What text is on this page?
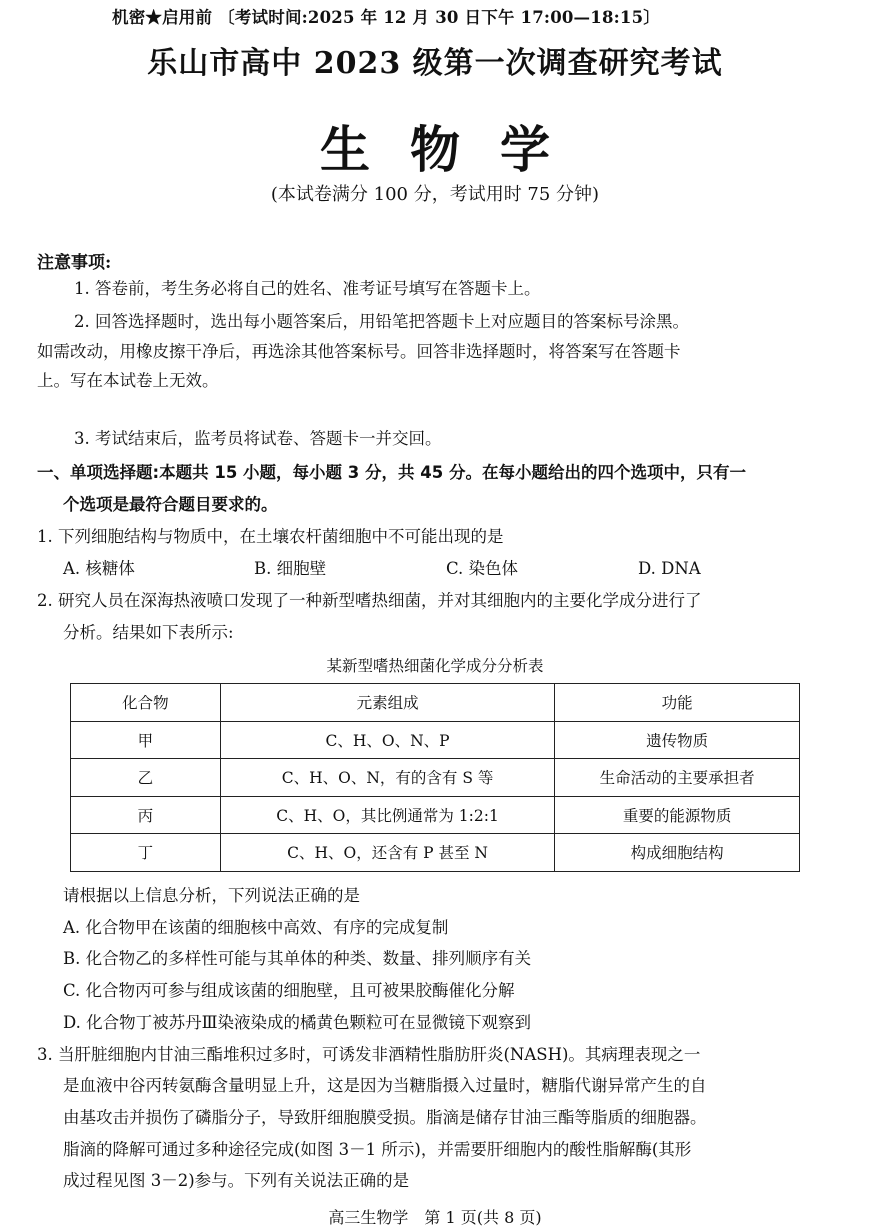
机密★启用前 〔考试时间:2025 年 12 月 30 日下午 17:00—18:15〕
乐山市高中 2023 级第一次调查研究考试
生物学
(本试卷满分 100 分，考试用时 75 分钟)
注意事项:
1. 答卷前，考生务必将自己的姓名、准考证号填写在答题卡上。
2. 回答选择题时，选出每小题答案后，用铅笔把答题卡上对应题目的答案标号涂黑。
如需改动，用橡皮擦干净后，再选涂其他答案标号。回答非选择题时，将答案写在答题卡
上。写在本试卷上无效。
3. 考试结束后，监考员将试卷、答题卡一并交回。
一、单项选择题:本题共 15 小题，每小题 3 分，共 45 分。在每小题给出的四个选项中，只有一
个选项是最符合题目要求的。
1. 下列细胞结构与物质中，在土壤农杆菌细胞中不可能出现的是
A. 核糖体	B. 细胞壁	C. 染色体	D. DNA
2. 研究人员在深海热液喷口发现了一种新型嗜热细菌，并对其细胞内的主要化学成分进行了
分析。结果如下表所示:
某新型嗜热细菌化学成分分析表
化合物	元素组成	功能
甲	C、H、O、N、P	遗传物质
乙	C、H、O、N，有的含有 S 等	生命活动的主要承担者
丙	C、H、O，其比例通常为 1:2:1	重要的能源物质
丁	C、H、O，还含有 P 甚至 N	构成细胞结构
请根据以上信息分析，下列说法正确的是
A. 化合物甲在该菌的细胞核中高效、有序的完成复制
B. 化合物乙的多样性可能与其单体的种类、数量、排列顺序有关
C. 化合物丙可参与组成该菌的细胞壁，且可被果胶酶催化分解
D. 化合物丁被苏丹Ⅲ染液染成的橘黄色颗粒可在显微镜下观察到
3. 当肝脏细胞内甘油三酯堆积过多时，可诱发非酒精性脂肪肝炎(NASH)。其病理表现之一
是血液中谷丙转氨酶含量明显上升，这是因为当糖脂摄入过量时，糖脂代谢异常产生的自
由基攻击并损伤了磷脂分子，导致肝细胞膜受损。脂滴是储存甘油三酯等脂质的细胞器。
脂滴的降解可通过多种途径完成(如图 3－1 所示)，并需要肝细胞内的酸性脂解酶(其形
成过程见图 3－2)参与。下列有关说法正确的是
高三生物学　第 1 页(共 8 页)
